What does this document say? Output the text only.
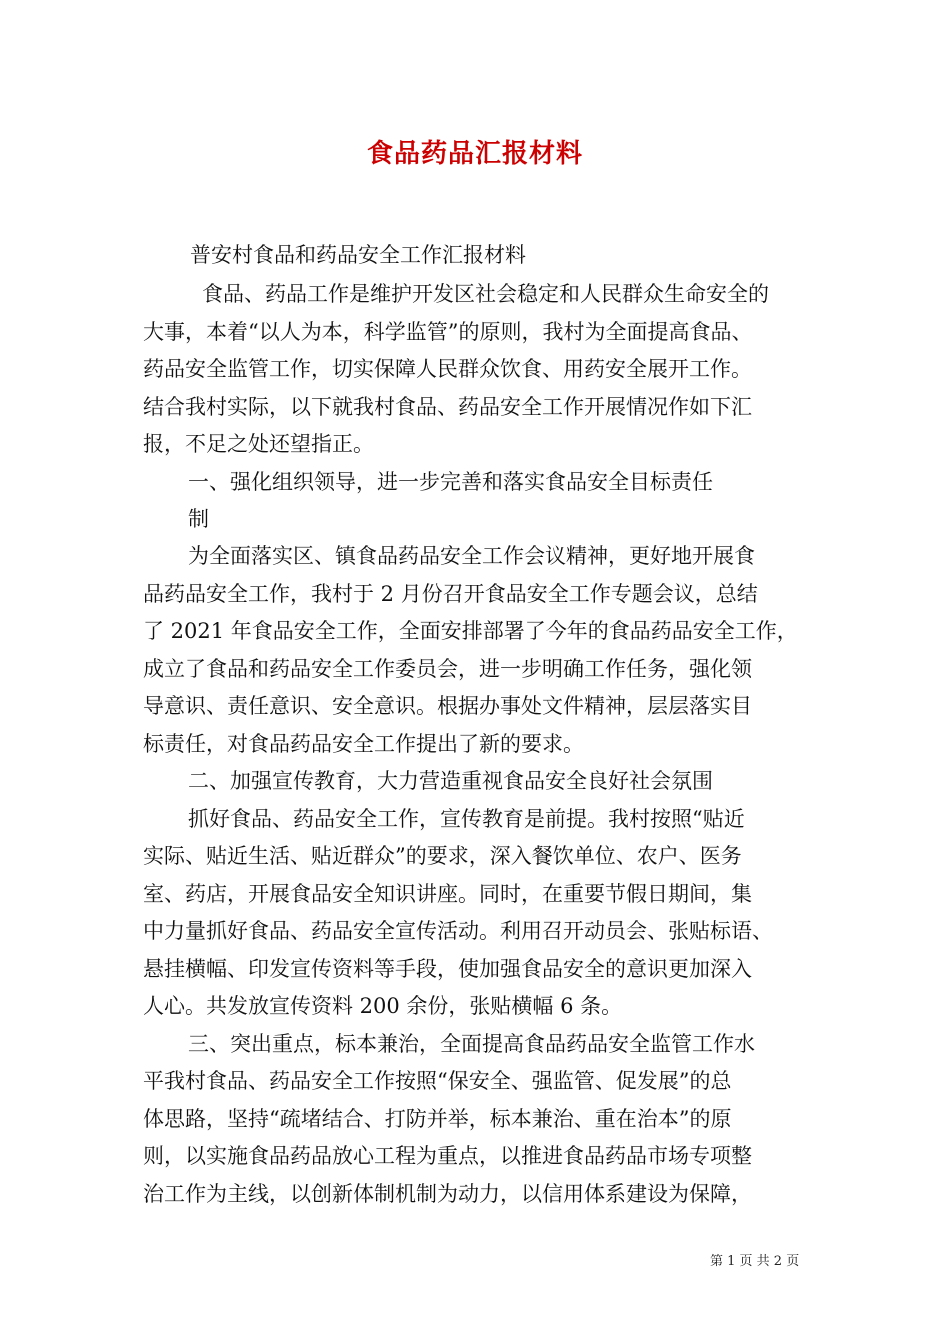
食品药品汇报材料
普安村食品和药品安全工作汇报材料
食品、药品工作是维护开发区社会稳定和人民群众生命安全的
大事，本着“以人为本，科学监管”的原则，我村为全面提高食品、
药品安全监管工作，切实保障人民群众饮食、用药安全展开工作。
结合我村实际，以下就我村食品、药品安全工作开展情况作如下汇
报，不足之处还望指正。
一、强化组织领导，进一步完善和落实食品安全目标责任
制
为全面落实区、镇食品药品安全工作会议精神，更好地开展食
品药品安全工作，我村于 2 月份召开食品安全工作专题会议，总结
了 2021 年食品安全工作，全面安排部署了今年的食品药品安全工作，
成立了食品和药品安全工作委员会，进一步明确工作任务，强化领
导意识、责任意识、安全意识。根据办事处文件精神，层层落实目
标责任，对食品药品安全工作提出了新的要求。
二、加强宣传教育，大力营造重视食品安全良好社会氛围
抓好食品、药品安全工作，宣传教育是前提。我村按照“贴近
实际、贴近生活、贴近群众”的要求，深入餐饮单位、农户、医务
室、药店，开展食品安全知识讲座。同时，在重要节假日期间，集
中力量抓好食品、药品安全宣传活动。利用召开动员会、张贴标语、
悬挂横幅、印发宣传资料等手段，使加强食品安全的意识更加深入
人心。共发放宣传资料 200 余份，张贴横幅 6 条。
三、突出重点，标本兼治，全面提高食品药品安全监管工作水
平我村食品、药品安全工作按照“保安全、强监管、促发展”的总
体思路，坚持“疏堵结合、打防并举，标本兼治、重在治本”的原
则，以实施食品药品放心工程为重点，以推进食品药品市场专项整
治工作为主线，以创新体制机制为动力，以信用体系建设为保障，
第 1 页 共 2 页
